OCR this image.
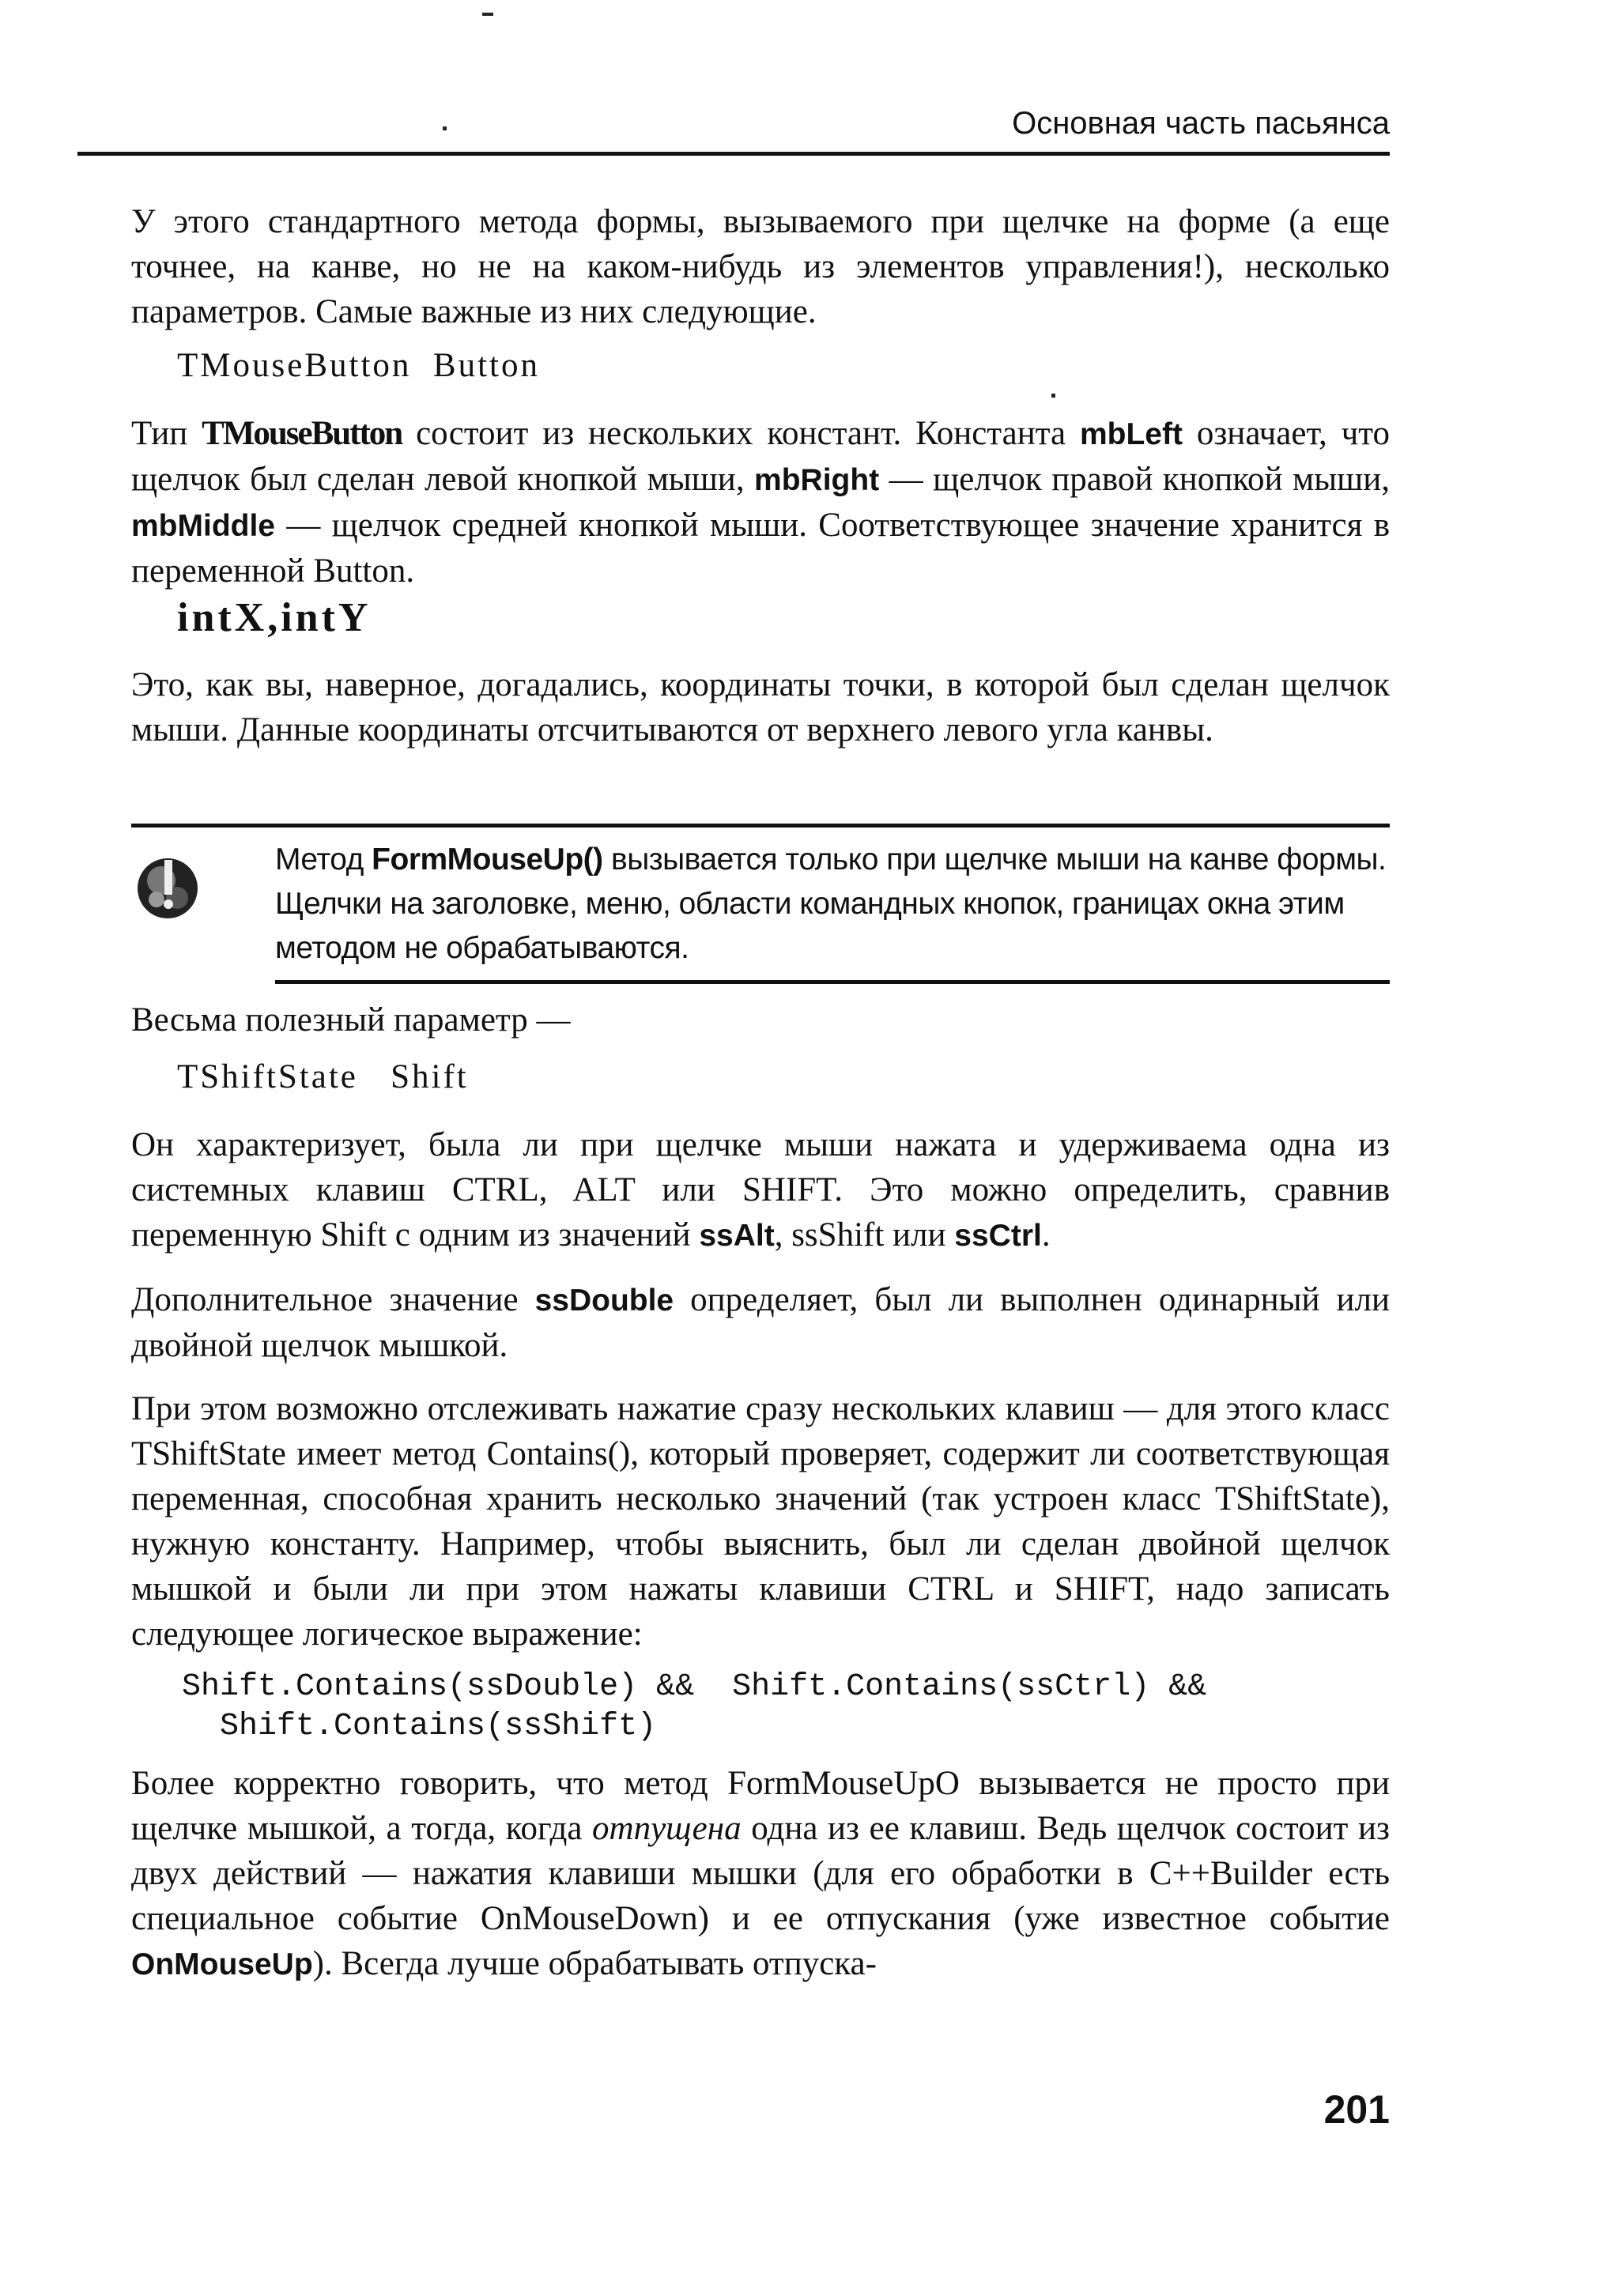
Основная часть пасьянса

У этого стандартного метода формы, вызываемого при щелчке на форме (а еще точнее, на канве, но не на каком-нибудь из элементов управления!), несколько параметров. Самые важные из них следующие.

TMouseButton  Button

Тип TMouseButton состоит из нескольких констант. Константа mbLeft означает, что щелчок был сделан левой кнопкой мыши, mbRight — щелчок правой кнопкой мыши, mbMiddle — щелчок средней кнопкой мыши. Соответствующее значение хранится в переменной Button.

intX,intY

Это, как вы, наверное, догадались, координаты точки, в которой был сделан щелчок мыши. Данные координаты отсчитываются от верхнего левого угла канвы.

Метод FormMouseUp() вызывается только при щелчке мыши на канве формы. Щелчки на заголовке, меню, области командных кнопок, границах окна этим методом не обрабатываются.

Весьма полезный параметр —

TShiftState   Shift

Он характеризует, была ли при щелчке мыши нажата и удерживаема одна из системных клавиш CTRL, ALT или SHIFT. Это можно определить, сравнив переменную Shift с одним из значений ssAlt, ssShift или ssCtrl.

Дополнительное значение ssDouble определяет, был ли выполнен одинарный или двойной щелчок мышкой.

При этом возможно отслеживать нажатие сразу нескольких клавиш — для этого класс TShiftState имеет метод Contains(), который проверяет, содержит ли соответствующая переменная, способная хранить несколько значений (так устроен класс TShiftState), нужную константу. Например, чтобы выяснить, был ли сделан двойной щелчок мышкой и были ли при этом нажаты клавиши CTRL и SHIFT, надо записать следующее логическое выражение:

Shift.Contains(ssDouble) &&  Shift.Contains(ssCtrl) &&
Shift.Contains(ssShift)

Более корректно говорить, что метод FormMouseUpO вызывается не просто при щелчке мышкой, а тогда, когда отпущена одна из ее клавиш. Ведь щелчок состоит из двух действий — нажатия клавиши мышки (для его обработки в C++Builder есть специальное событие OnMouseDown) и ее отпускания (уже известное событие OnMouseUp). Всегда лучше обрабатывать отпуска-

201
